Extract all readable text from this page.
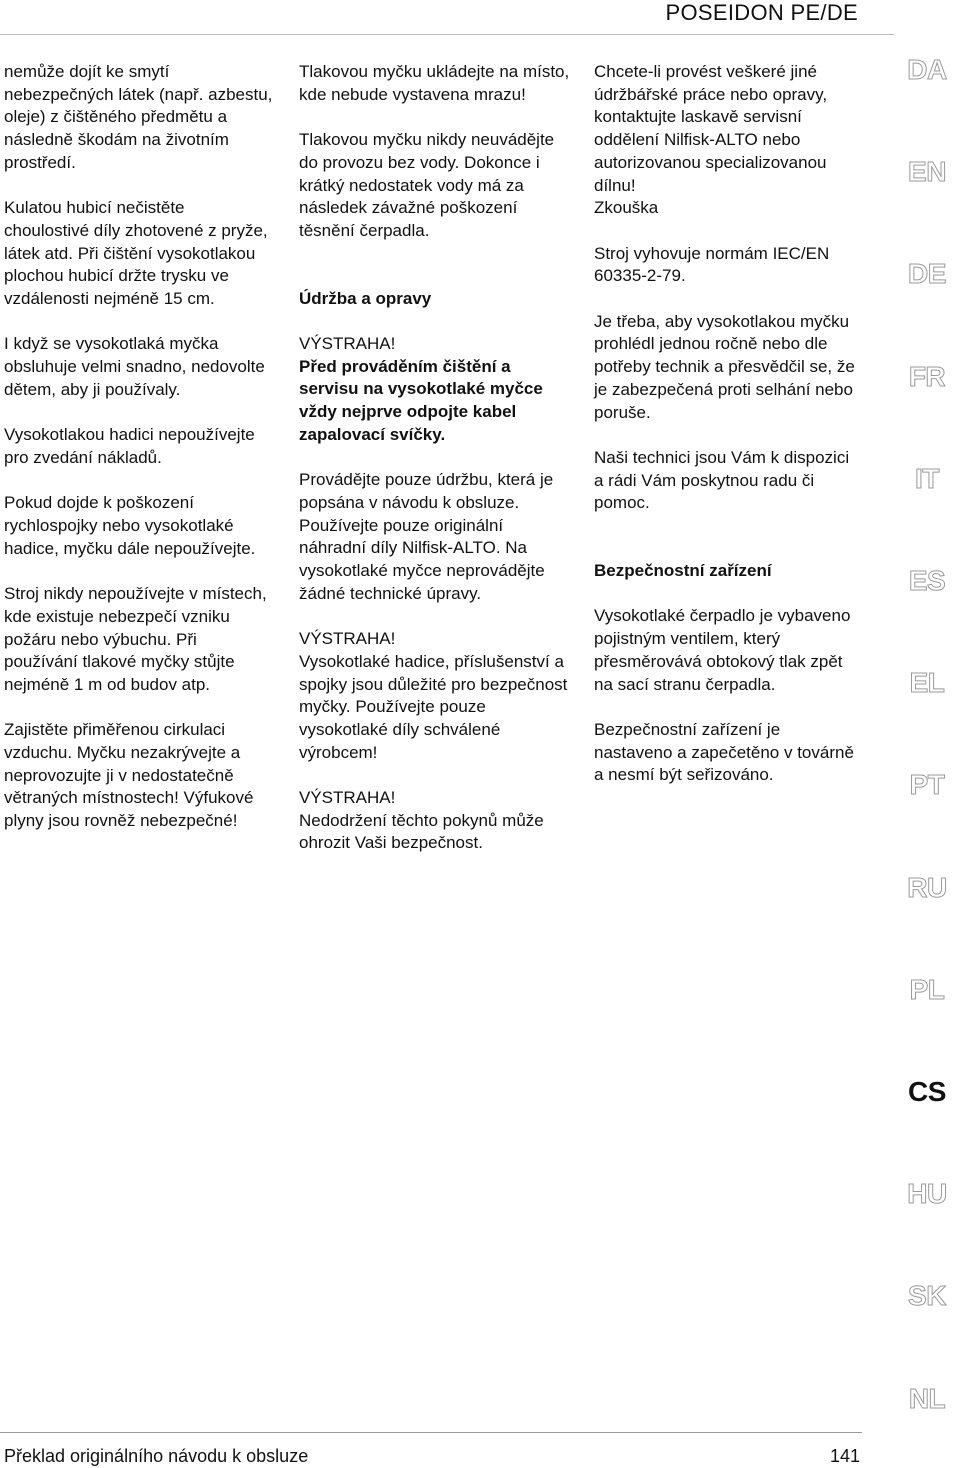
POSEIDON PE/DE

nemůže dojít ke smytí nebezpečných látek (např. azbestu, oleje) z čištěného předmětu a následně škodám na životním prostředí.

Kulatou hubicí nečistěte choulostivé díly zhotovené z pryže, látek atd. Při čištění vysokotlakou plochou hubicí držte trysku ve vzdálenosti nejméně 15 cm.

I když se vysokotlaká myčka obsluhuje velmi snadno, nedovolte dětem, aby ji používaly.

Vysokotlakou hadici nepoužívejte pro zvedání nákladů.

Pokud dojde k poškození rychlospojky nebo vysokotlaké hadice, myčku dále nepoužívejte.

Stroj nikdy nepoužívejte v místech, kde existuje nebezpečí vzniku požáru nebo výbuchu. Při používání tlakové myčky stůjte nejméně 1 m od budov atp.

Zajistěte přiměřenou cirkulaci vzduchu. Myčku nezakrývejte a neprovozujte ji v nedostatečně větraných místnostech! Výfukové plyny jsou rovněž nebezpečné!

Tlakovou myčku ukládejte na místo, kde nebude vystavena mrazu!

Tlakovou myčku nikdy neuvádějte do provozu bez vody. Dokonce i krátký nedostatek vody má za následek závažné poškození těsnění čerpadla.

Údržba a opravy

VÝSTRAHA!
Před prováděním čištění a servisu na vysokotlaké myčce vždy nejprve odpojte kabel zapalovací svíčky.

Provádějte pouze údržbu, která je popsána v návodu k obsluze. Používejte pouze originální náhradní díly Nilfisk-ALTO. Na vysokotlaké myčce neprovádějte žádné technické úpravy.

VÝSTRAHA!
Vysokotlaké hadice, příslušenství a spojky jsou důležité pro bezpečnost myčky. Používejte pouze vysokotlaké díly schválené výrobcem!

VÝSTRAHA!
Nedodržení těchto pokynů může ohrozit Vaši bezpečnost.

Chcete-li provést veškeré jiné údržbářské práce nebo opravy, kontaktujte laskavě servisní oddělení Nilfisk-ALTO nebo autorizovanou specializovanou dílnu!
Zkouška

Stroj vyhovuje normám IEC/EN 60335-2-79.

Je třeba, aby vysokotlakou myčku prohlédl jednou ročně nebo dle potřeby technik a přesvědčil se, že je zabezpečená proti selhání nebo poruše.

Naši technici jsou Vám k dispozici a rádi Vám poskytnou radu či pomoc.

Bezpečnostní zařízení

Vysokotlaké čerpadlo je vybaveno pojistným ventilem, který přesměrovává obtokový tlak zpět na sací stranu čerpadla.

Bezpečnostní zařízení je nastaveno a zapečetěno v továrně a nesmí být seřizováno.

DA
EN
DE
FR
IT
ES
EL
PT
RU
PL
CS
HU
SK
NL
Překlad originálního návodu k obsluze	141
